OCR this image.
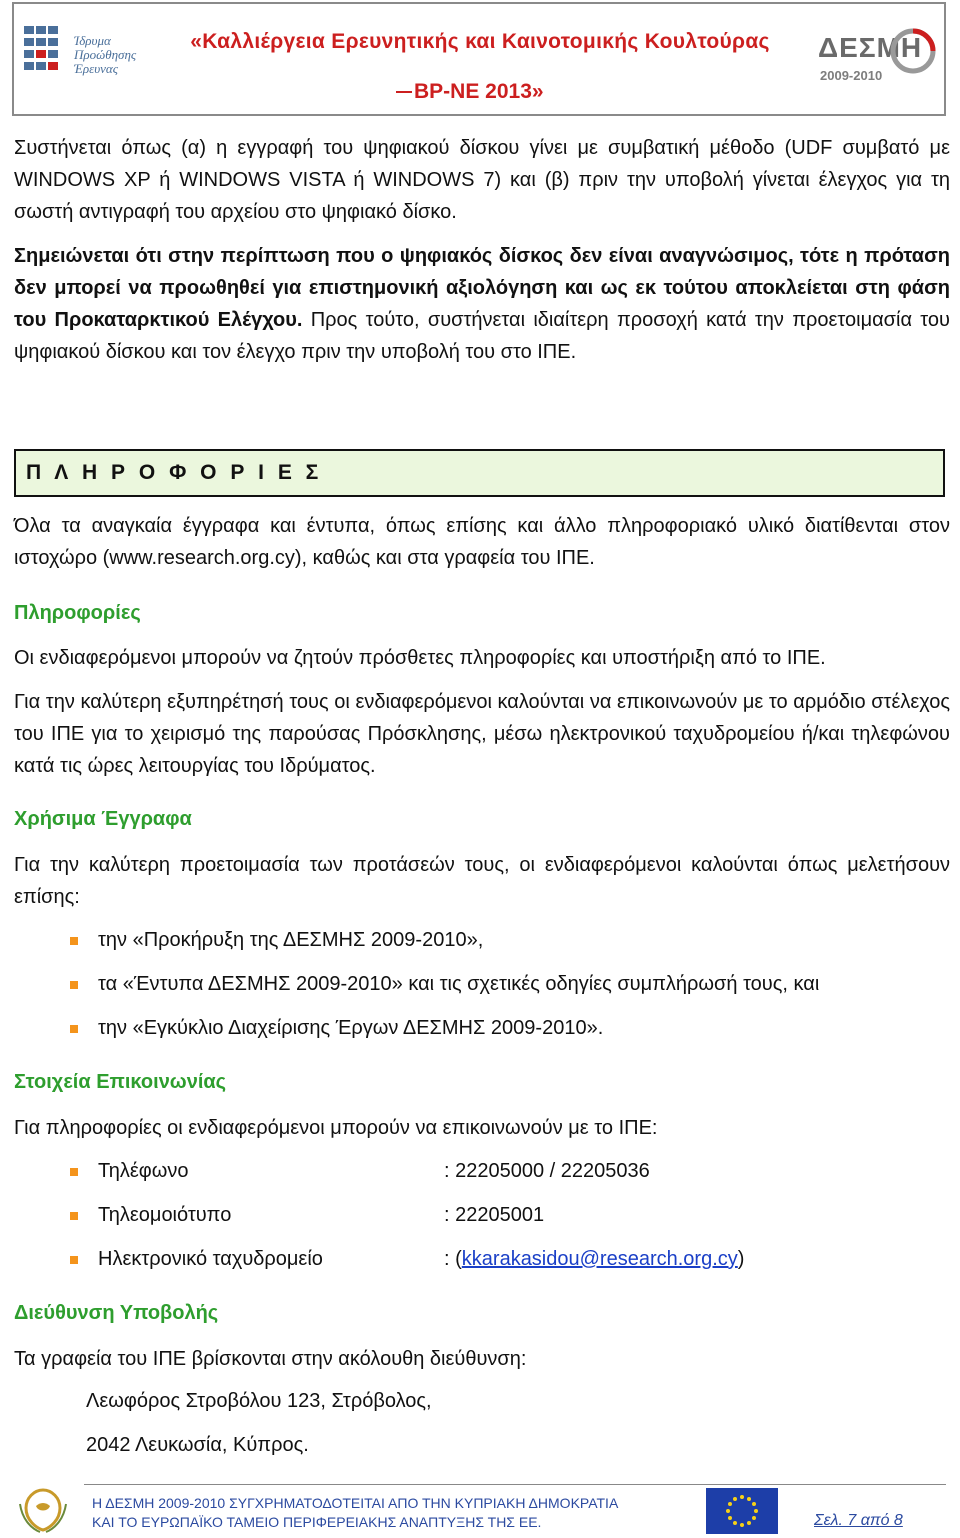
Ίδρυμα
Προώθησης
Έρευνας
«Καλλιέργεια Ερευνητικής και Καινοτομικής Κουλτούρας
ΒΡ-ΝΕ 2013»
ΔΕΣΜΗ
2009-2010
Συστήνεται όπως (α) η εγγραφή του ψηφιακού δίσκου γίνει με συμβατική μέθοδο (UDF συμβατό με WINDOWS XP ή WINDOWS VISTA ή WINDOWS 7) και (β) πριν την υποβολή γίνεται έλεγχος για τη σωστή αντιγραφή του αρχείου στο ψηφιακό δίσκο.
Σημειώνεται ότι στην περίπτωση που ο ψηφιακός δίσκος δεν είναι αναγνώσιμος, τότε η πρόταση δεν μπορεί να προωθηθεί για επιστημονική αξιολόγηση και ως εκ τούτου αποκλείεται στη φάση του Προκαταρκτικού Ελέγχου. Προς τούτο, συστήνεται ιδιαίτερη προσοχή κατά την προετοιμασία του ψηφιακού δίσκου και τον έλεγχο πριν την υποβολή του στο ΙΠΕ.
Π Λ Η Ρ Ο Φ Ο Ρ Ι Ε Σ
Όλα τα αναγκαία έγγραφα και έντυπα, όπως επίσης και άλλο πληροφοριακό υλικό διατίθενται στον ιστοχώρο (www.research.org.cy), καθώς και στα γραφεία του ΙΠΕ.
Πληροφορίες
Οι ενδιαφερόμενοι μπορούν να ζητούν πρόσθετες πληροφορίες και υποστήριξη από το ΙΠΕ.
Για την καλύτερη εξυπηρέτησή τους οι ενδιαφερόμενοι καλούνται να επικοινωνούν με το αρμόδιο στέλεχος του ΙΠΕ για το χειρισμό της παρούσας Πρόσκλησης, μέσω ηλεκτρονικού ταχυδρομείου ή/και τηλεφώνου κατά τις ώρες λειτουργίας του Ιδρύματος.
Χρήσιμα Έγγραφα
Για την καλύτερη προετοιμασία των προτάσεών τους, οι ενδιαφερόμενοι καλούνται όπως μελετήσουν επίσης:
την «Προκήρυξη της ΔΕΣΜΗΣ 2009-2010»,
τα «Έντυπα ΔΕΣΜΗΣ 2009-2010» και τις σχετικές οδηγίες συμπλήρωσή τους, και
την «Εγκύκλιο Διαχείρισης Έργων ΔΕΣΜΗΣ 2009-2010».
Στοιχεία Επικοινωνίας
Για πληροφορίες οι ενδιαφερόμενοι μπορούν να επικοινωνούν με το ΙΠΕ:
Τηλέφωνο	: 22205000 / 22205036
Τηλεομοιότυπο	: 22205001
Ηλεκτρονικό ταχυδρομείο	: (kkarakasidou@research.org.cy)
Διεύθυνση Υποβολής
Τα γραφεία του ΙΠΕ βρίσκονται στην ακόλουθη διεύθυνση:
Λεωφόρος Στροβόλου 123, Στρόβολος,
2042 Λευκωσία, Κύπρος.
Η ΔΕΣΜΗ 2009-2010 ΣΥΓΧΡΗΜΑΤΟΔΟΤΕΙΤΑΙ ΑΠΟ ΤΗΝ ΚΥΠΡΙΑΚΗ ΔΗΜΟΚΡΑΤΙΑ
ΚΑΙ ΤΟ ΕΥΡΩΠΑΪΚΟ ΤΑΜΕΙΟ ΠΕΡΙΦΕΡΕΙΑΚΗΣ ΑΝΑΠΤΥΞΗΣ ΤΗΣ ΕΕ.	Σελ. 7 από 8
